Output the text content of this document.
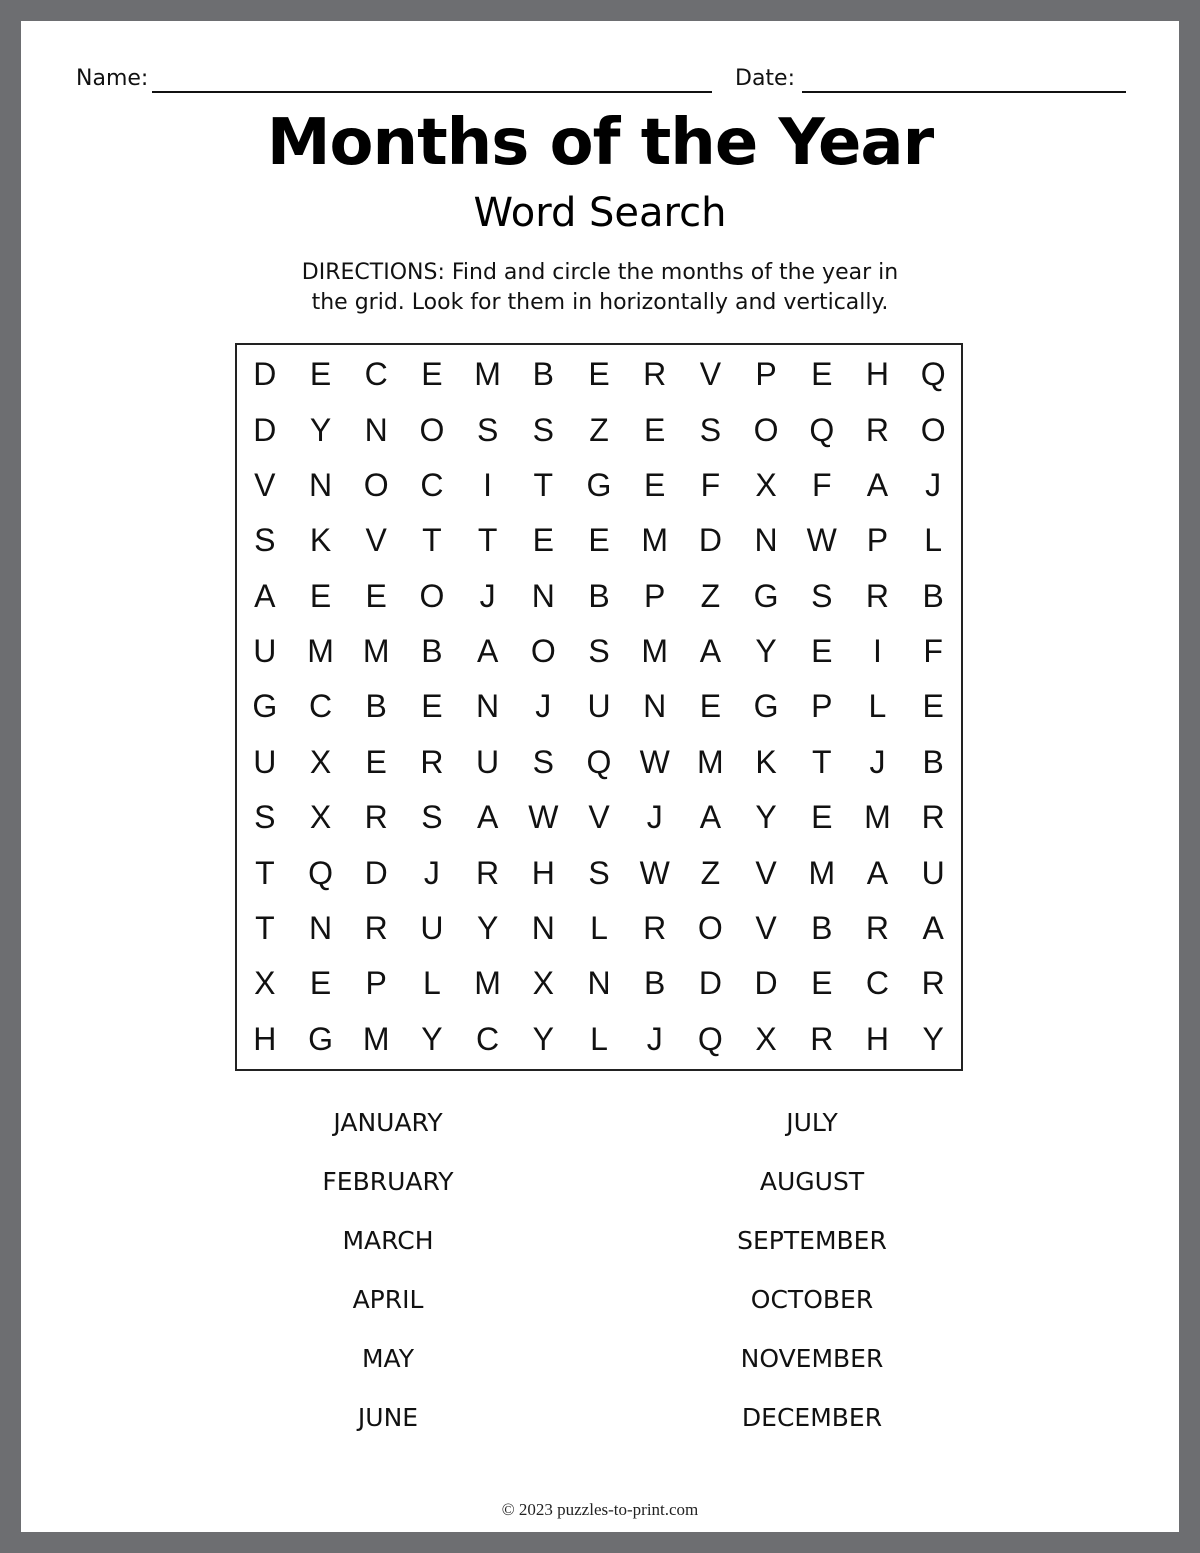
Name:	Date:
Months of the Year
Word Search
DIRECTIONS: Find and circle the months of the year in
the grid. Look for them in horizontally and vertically.
D	E	C	E M B	E	R	V	P	E	H Q
D	Y	N O	S	S	Z	E	S	O Q R O
V	N O C	I	T	G	E	F	X	F	A	J
S	K	V	T	T	E	E M D	N W P	L
A	E	E	O	J	N	B	P	Z	G	S	R	B
U M M B	A	O	S M A	Y	E	I	F
G C	B	E	N	J	U	N	E	G	P	L	E
U	X	E	R	U	S	Q W M K	T	J	B
S	X	R	S	A W V	J	A	Y	E M R
T	Q D	J	R	H	S W Z	V M A	U
T	N	R	U	Y	N	L	R O	V	B	R	A
X	E	P	L	M X	N	B	D	D	E	C	R
H G M Y	C	Y	L	J	Q	X	R	H	Y
JANUARY
FEBRUARY
MARCH
APRIL
MAY
JUNE
JULY
AUGUST
SEPTEMBER
OCTOBER
NOVEMBER
DECEMBER
© 2023 puzzles-to-print.com
